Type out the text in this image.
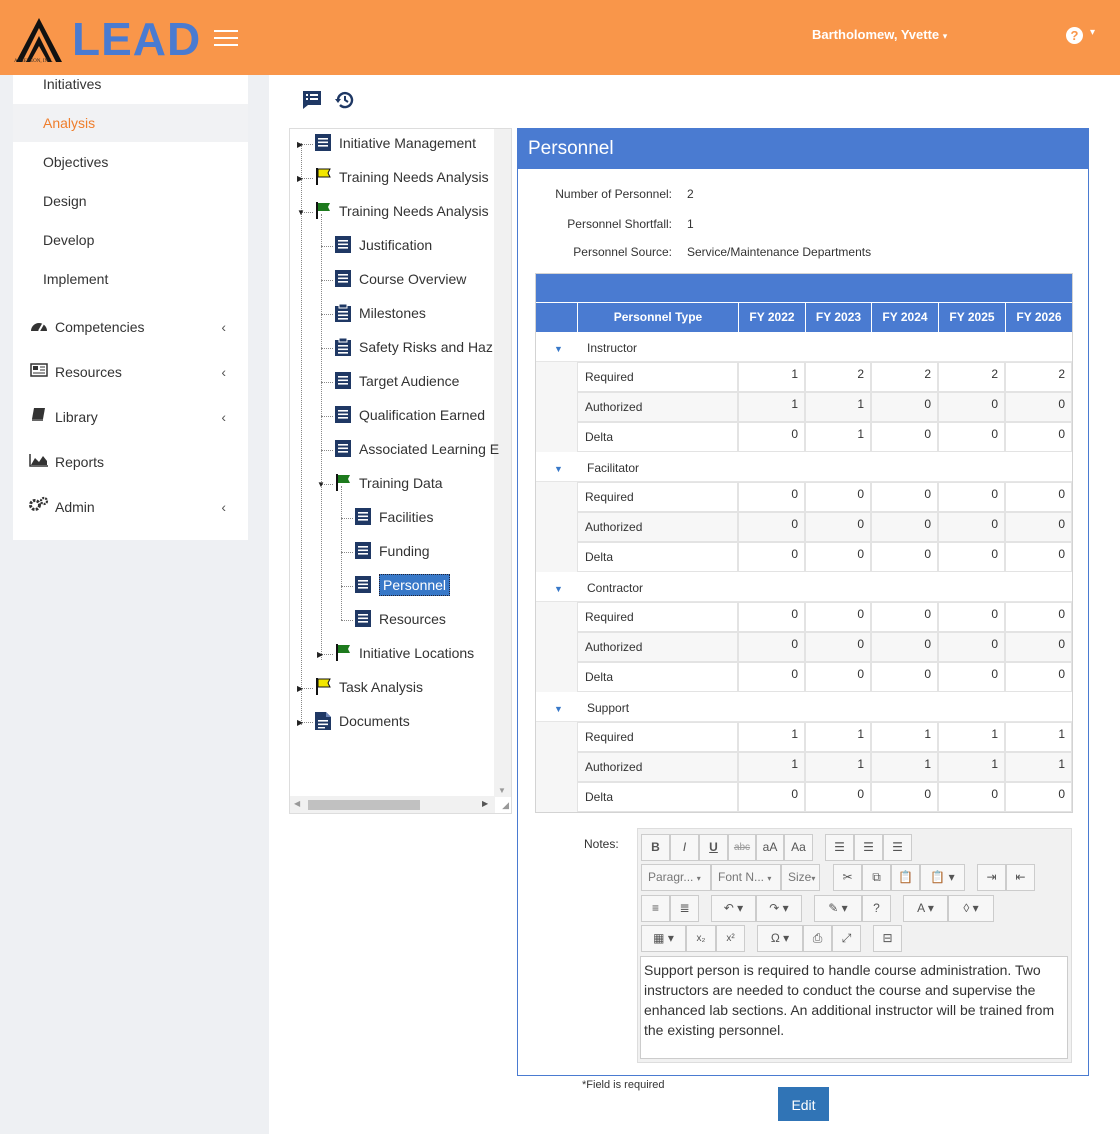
AIMEREON, INC. LEAD	Bartholomew, Yvette ▾	?	▾
Initiatives
Analysis
Objectives
Design
Develop
Implement
Competencies	‹
Resources	‹
Library	‹
Reports
Admin	‹
▼
◀	▶ ◢
▶	Initiative Management
▶	Training Needs Analysis
▼	Training Needs Analysis
Justification
Course Overview
Milestones
Safety Risks and Haz
Target Audience
Qualification Earned
Associated Learning E
▼	Training Data
Facilities
Funding
Personnel
Resources
▶	Initiative Locations
▶	Task Analysis
▶	Documents
Personnel
Number of Personnel: 2
Personnel Shortfall: 1
Personnel Source: Service/Maintenance Departments
Personnel Type	FY 2022	FY 2023	FY 2024	FY 2025	FY 2026
▼ Instructor
Required	1	2	2	2	2
Authorized	1	1	0	0	0
Delta	0	1	0	0	0
▼ Facilitator
Required	0	0	0	0	0
Authorized	0	0	0	0	0
Delta	0	0	0	0	0
▼ Contractor
Required	0	0	0	0	0
Authorized	0	0	0	0	0
Delta	0	0	0	0	0
▼ Support
Required	1	1	1	1	1
Authorized	1	1	1	1	1
Delta	0	0	0	0	0
Notes:	B	I	U	abc	aA	Aa	☰	☰	☰
Paragr... ▾	Font N... ▾	Size▾	✂	⧉	📋	📋 ▾	⇥	⇤
≡	≣	↶ ▾	↷ ▾	✎ ▾	?	A ▾	◊ ▾
▦ ▾	x₂	x²	Ω ▾	⎙	⤢	⊟
Support person is required to handle course administration. Two instructors are needed to conduct the course and supervise the enhanced lab sections. An additional instructor will be trained from the existing personnel.
*Field is required
Edit
